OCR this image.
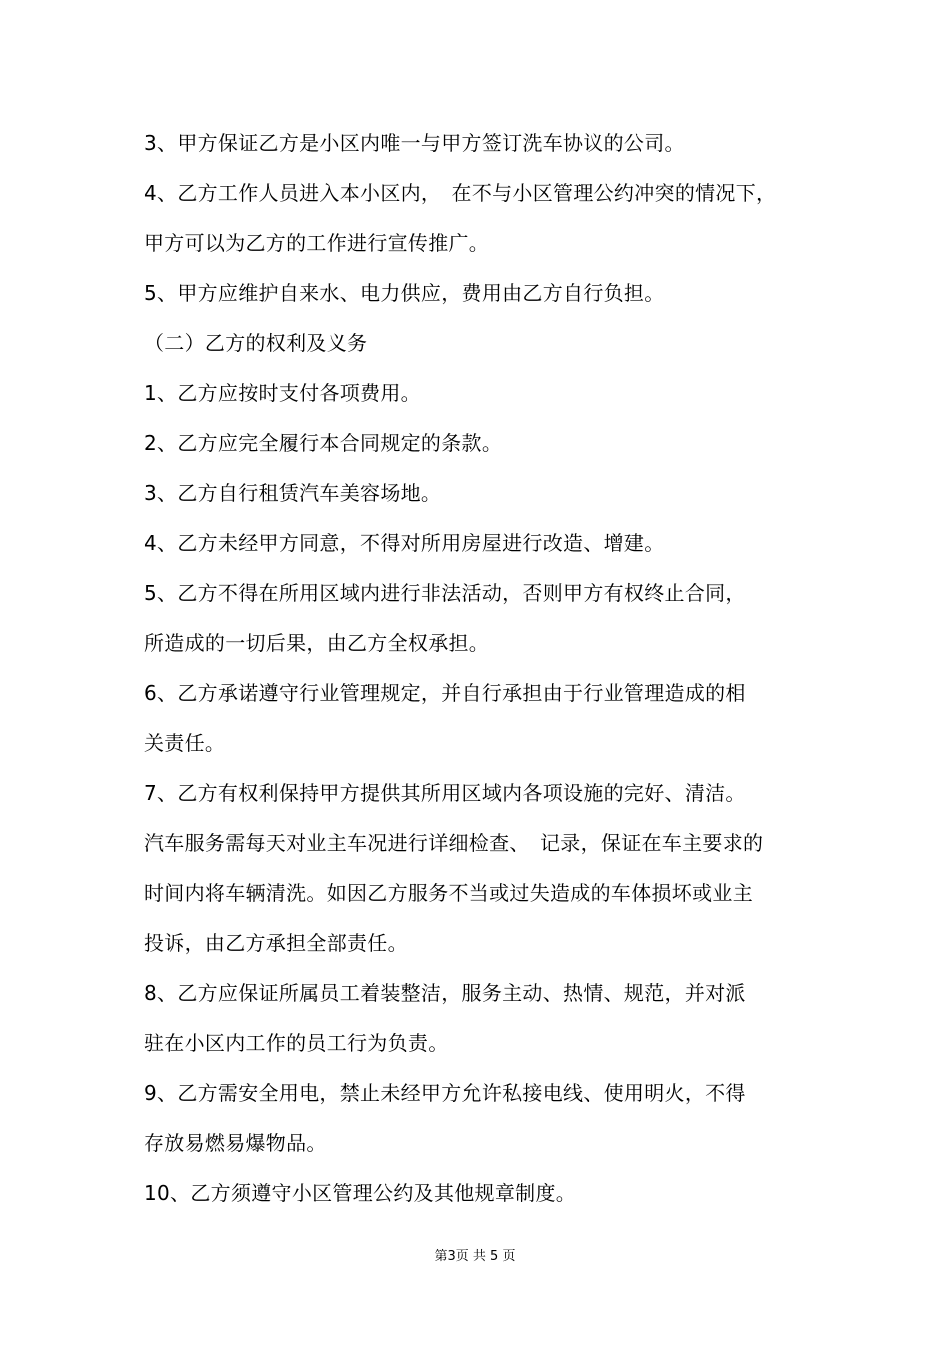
3、甲方保证乙方是小区内唯一与甲方签订洗车协议的公司。
4、乙方工作人员进入本小区内，　在不与小区管理公约冲突的情况下，
甲方可以为乙方的工作进行宣传推广。
5、甲方应维护自来水、电力供应，费用由乙方自行负担。
（二）乙方的权利及义务
1、乙方应按时支付各项费用。
2、乙方应完全履行本合同规定的条款。
3、乙方自行租赁汽车美容场地。
4、乙方未经甲方同意，不得对所用房屋进行改造、增建。
5、乙方不得在所用区域内进行非法活动，否则甲方有权终止合同，
所造成的一切后果，由乙方全权承担。
6、乙方承诺遵守行业管理规定，并自行承担由于行业管理造成的相
关责任。
7、乙方有权利保持甲方提供其所用区域内各项设施的完好、清洁。
汽车服务需每天对业主车况进行详细检查、　记录，保证在车主要求的
时间内将车辆清洗。如因乙方服务不当或过失造成的车体损坏或业主
投诉，由乙方承担全部责任。
8、乙方应保证所属员工着装整洁，服务主动、热情、规范，并对派
驻在小区内工作的员工行为负责。
9、乙方需安全用电，禁止未经甲方允许私接电线、使用明火，不得
存放易燃易爆物品。
10、乙方须遵守小区管理公约及其他规章制度。
第3页 共 5 页
